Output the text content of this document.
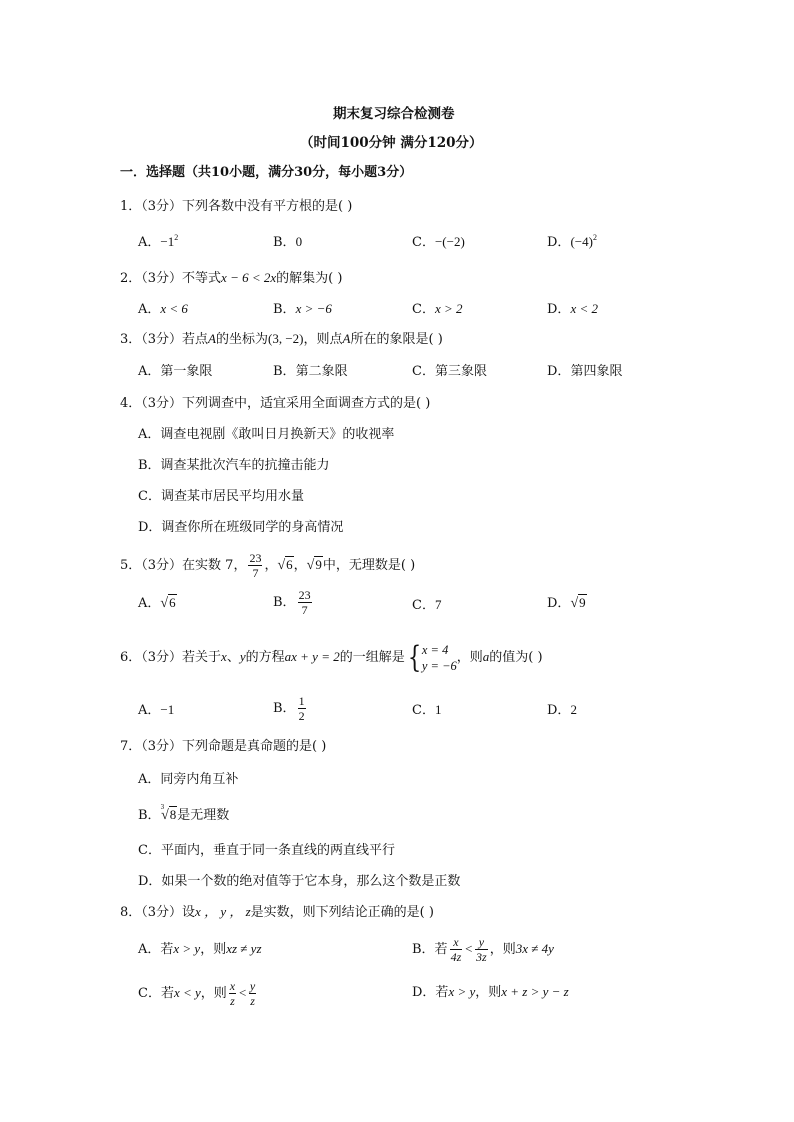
期末复习综合检测卷
（时间100分钟 满分120分）
一．选择题（共10小题，满分30分，每小题3分）
1．（3分）下列各数中没有平方根的是( )
A．$-1^2$	B．0	C．−(−2)	D．$(-4)^2$
2．（3分）不等式x − 6 < 2x的解集为( )
A．x < 6	B．x > −6	C．x > 2	D．x < 2
3．（3分）若点A的坐标为(3, −2)，则点A所在的象限是( )
A．第一象限	B．第二象限	C．第三象限	D．第四象限
4．（3分）下列调查中，适宜采用全面调查方式的是( )
A．调查电视剧《敢叫日月换新天》的收视率
B．调查某批次汽车的抗撞击能力
C．调查某市居民平均用水量
D．调查你所在班级同学的身高情况
5．（3分）在实数 7， $\frac{23}{7}$ ，√6，√9中，无理数是( )
A．√6	B． $\frac{23}{7}$	C．7	D．√9
6．（3分）若关于x、y的方程ax + y = 2的一组解是{ x = 4
y = −6
，则a的值为( )
A．−1	B． $\frac{1}{2}$	C．1	D．2
7．（3分）下列命题是真命题的是( )
A．同旁内角互补
B．$^3$√8是无理数
C．平面内，垂直于同一条直线的两直线平行
D．如果一个数的绝对值等于它本身，那么这个数是正数
8．（3分）设x ， y ， z是实数，则下列结论正确的是( )
A．若x > y，则xz ≠ yz	B．若 $\frac{x}{4z} < \frac{y}{3z}$ ，则3x ≠ 4y
C．若x < y，则 $\frac{x}{z} < \frac{y}{z}$	D．若x > y，则x + z > y − z
